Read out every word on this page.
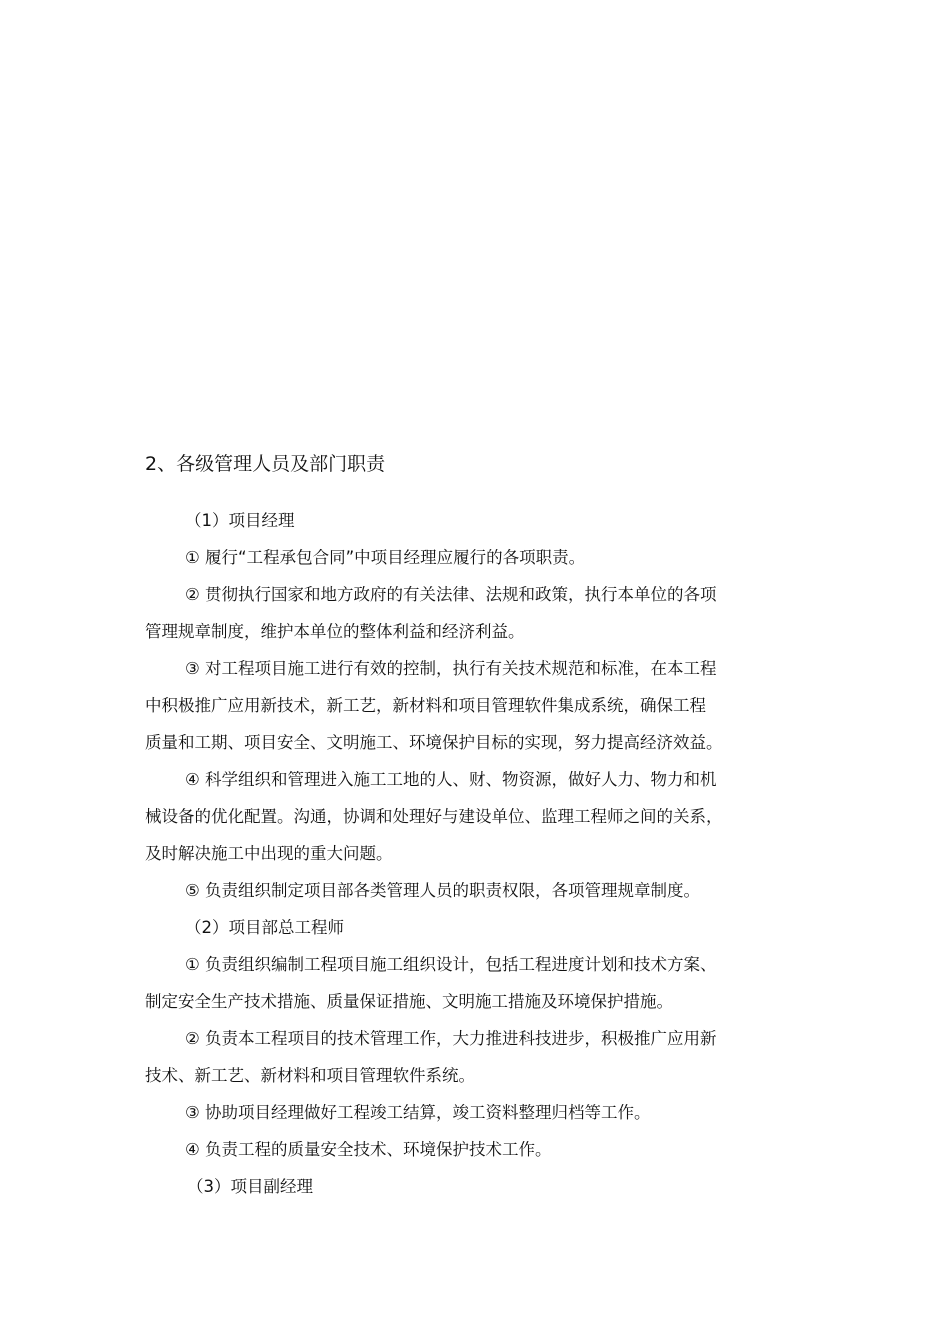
2、各级管理人员及部门职责
（1）项目经理
① 履行“工程承包合同”中项目经理应履行的各项职责。
② 贯彻执行国家和地方政府的有关法律、法规和政策，执行本单位的各项
管理规章制度，维护本单位的整体利益和经济利益。
③ 对工程项目施工进行有效的控制，执行有关技术规范和标准，在本工程
中积极推广应用新技术，新工艺，新材料和项目管理软件集成系统，确保工程
质量和工期、项目安全、文明施工、环境保护目标的实现，努力提高经济效益。
④ 科学组织和管理进入施工工地的人、财、物资源，做好人力、物力和机
械设备的优化配置。沟通，协调和处理好与建设单位、监理工程师之间的关系，
及时解决施工中出现的重大问题。
⑤ 负责组织制定项目部各类管理人员的职责权限，各项管理规章制度。
（2）项目部总工程师
① 负责组织编制工程项目施工组织设计，包括工程进度计划和技术方案、
制定安全生产技术措施、质量保证措施、文明施工措施及环境保护措施。
② 负责本工程项目的技术管理工作，大力推进科技进步，积极推广应用新
技术、新工艺、新材料和项目管理软件系统。
③ 协助项目经理做好工程竣工结算，竣工资料整理归档等工作。
④ 负责工程的质量安全技术、环境保护技术工作。
（3）项目副经理
